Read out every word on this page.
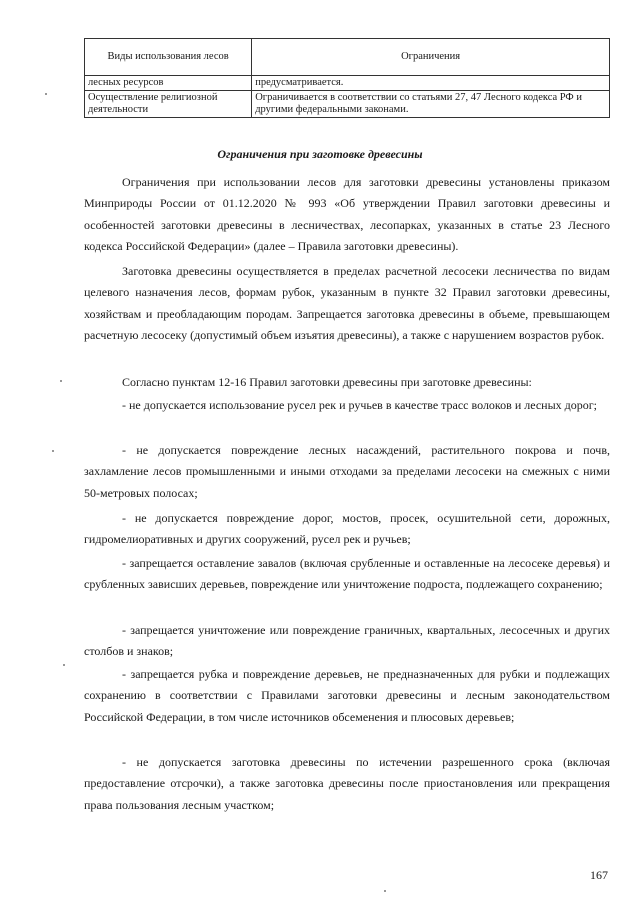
Виды использования лесов	Ограничения
лесных ресурсов	предусматривается.
Осуществление религиозной деятельности	Ограничивается в соответствии со статьями 27, 47 Лесного кодекса РФ и другими федеральными законами.
Ограничения при заготовке древесины

Ограничения при использовании лесов для заготовки древесины установлены приказом Минприроды России от 01.12.2020 № 993 «Об утверждении Правил заготовки древесины и особенностей заготовки древесины в лесничествах, лесопарках, указанных в статье 23 Лесного кодекса Российской Федерации» (далее – Правила заготовки древесины).

Заготовка древесины осуществляется в пределах расчетной лесосеки лесничества по видам целевого назначения лесов, формам рубок, указанным в пункте 32 Правил заготовки древесины, хозяйствам и преобладающим породам. Запрещается заготовка древесины в объеме, превышающем расчетную лесосеку (допустимый объем изъятия древесины), а также с нарушением возрастов рубок.

Согласно пунктам 12-16 Правил заготовки древесины при заготовке древесины:

- не допускается использование русел рек и ручьев в качестве трасс волоков и лесных дорог;

- не допускается повреждение лесных насаждений, растительного покрова и почв, захламление лесов промышленными и иными отходами за пределами лесосеки на смежных с ними 50-метровых полосах;

- не допускается повреждение дорог, мостов, просек, осушительной сети, дорожных, гидромелиоративных и других сооружений, русел рек и ручьев;

- запрещается оставление завалов (включая срубленные и оставленные на лесосеке деревья) и срубленных зависших деревьев, повреждение или уничтожение подроста, подлежащего сохранению;

- запрещается уничтожение или повреждение граничных, квартальных, лесосечных и других столбов и знаков;

- запрещается рубка и повреждение деревьев, не предназначенных для рубки и подлежащих сохранению в соответствии с Правилами заготовки древесины и лесным законодательством Российской Федерации, в том числе источников обсеменения и плюсовых деревьев;

- не допускается заготовка древесины по истечении разрешенного срока (включая предоставление отсрочки), а также заготовка древесины после приостановления или прекращения права пользования лесным участком;

167
